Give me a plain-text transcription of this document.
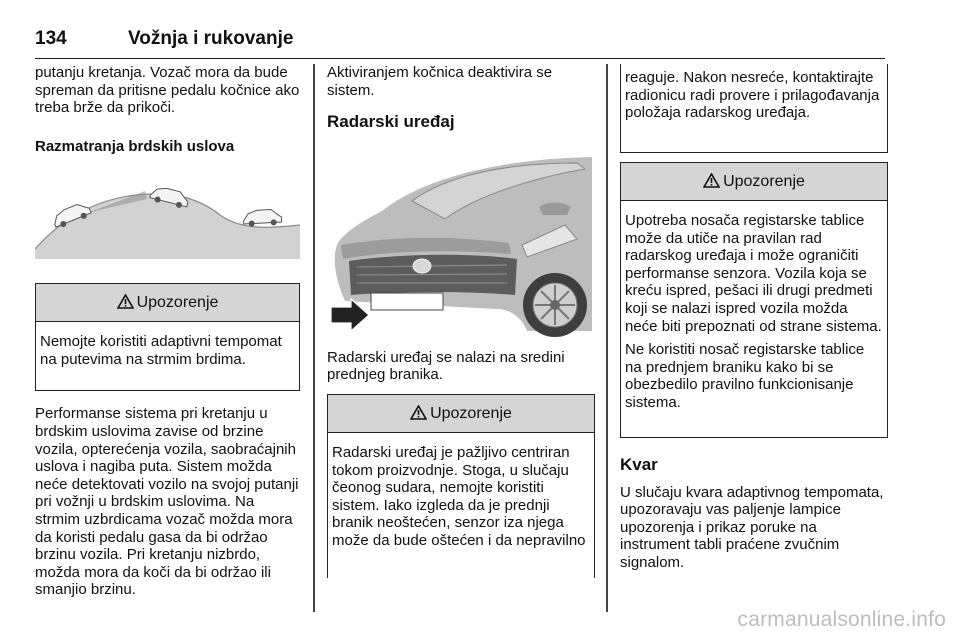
134	Vožnja i rukovanje

putanju kretanja. Vozač mora da bude spreman da pritisne pedalu kočnice ako treba brže da prikoči.

Razmatranja brdskih uslova

Upozorenje

Nemojte koristiti adaptivni tempomat na putevima na strmim brdima.

Performanse sistema pri kretanju u brdskim uslovima zavise od brzine vozila, opterećenja vozila, saobraćajnih uslova i nagiba puta. Sistem možda neće detektovati vozilo na svojoj putanji pri vožnji u brdskim uslovima. Na strmim uzbrdicama vozač možda mora da koristi pedalu gasa da bi održao brzinu vozila. Pri kretanju nizbrdo, možda mora da koči da bi održao ili smanjio brzinu.

Aktiviranjem kočnica deaktivira se sistem.

Radarski uređaj

Radarski uređaj se nalazi na sredini prednjeg branika.

Upozorenje

Radarski uređaj je pažljivo centriran tokom proizvodnje. Stoga, u slučaju čeonog sudara, nemojte koristiti sistem. Iako izgleda da je prednji branik neoštećen, senzor iza njega može da bude oštećen i da nepravilno

reaguje. Nakon nesreće, kontaktirajte radionicu radi provere i prilagođavanja položaja radarskog uređaja.

Upozorenje

Upotreba nosača registarske tablice može da utiče na pravilan rad radarskog uređaja i može ograničiti performanse senzora. Vozila koja se kreću ispred, pešaci ili drugi predmeti koji se nalazi ispred vozila možda neće biti prepoznati od strane sistema.

Ne koristiti nosač registarske tablice na prednjem braniku kako bi se obezbedilo pravilno funkcionisanje sistema.

Kvar

U slučaju kvara adaptivnog tempomata, upozoravaju vas paljenje lampice upozorenja i prikaz poruke na instrument tabli praćene zvučnim signalom.

carmanualsonline.info
